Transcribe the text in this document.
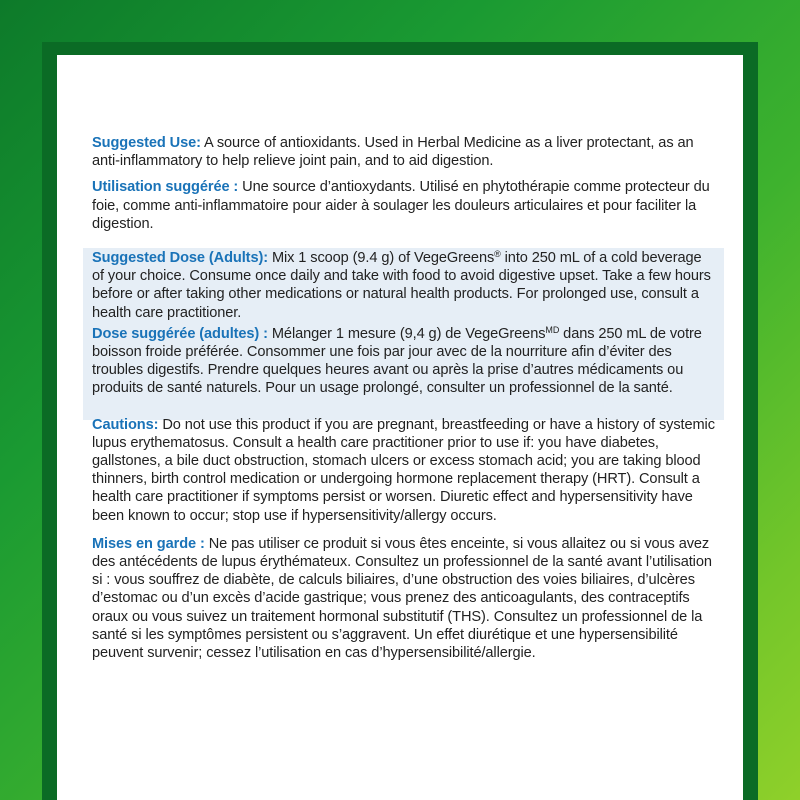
Suggested Use: A source of antioxidants. Used in Herbal Medicine as a liver protectant, as an anti-inflammatory to help relieve joint pain, and to aid digestion.

Utilisation suggérée : Une source d’antioxydants. Utilisé en phytothérapie comme protecteur du foie, comme anti-inflammatoire pour aider à soulager les douleurs articulaires et pour faciliter la digestion.

Suggested Dose (Adults): Mix 1 scoop (9.4 g) of VegeGreens® into 250 mL of a cold beverage of your choice. Consume once daily and take with food to avoid digestive upset. Take a few hours before or after taking other medications or natural health products. For prolonged use, consult a health care practitioner.

Dose suggérée (adultes) : Mélanger 1 mesure (9,4 g) de VegeGreens$^{MD}$ dans 250 mL de votre boisson froide préférée. Consommer une fois par jour avec de la nourriture afin d’éviter des troubles digestifs. Prendre quelques heures avant ou après la prise d’autres médicaments ou produits de santé naturels. Pour un usage prolongé, consulter un professionnel de la santé.

Cautions: Do not use this product if you are pregnant, breastfeeding or have a history of systemic lupus erythematosus. Consult a health care practitioner prior to use if: you have diabetes, gallstones, a bile duct obstruction, stomach ulcers or excess stomach acid; you are taking blood thinners, birth control medication or undergoing hormone replacement therapy (HRT). Consult a health care practitioner if symptoms persist or worsen. Diuretic effect and hypersensitivity have been known to occur; stop use if hypersensitivity/allergy occurs.

Mises en garde : Ne pas utiliser ce produit si vous êtes enceinte, si vous allaitez ou si vous avez des antécédents de lupus érythémateux. Consultez un professionnel de la santé avant l’utilisation si : vous souffrez de diabète, de calculs biliaires, d’une obstruction des voies biliaires, d’ulcères d’estomac ou d’un excès d’acide gastrique; vous prenez des anticoagulants, des contraceptifs oraux ou vous suivez un traitement hormonal substitutif (THS). Consultez un professionnel de la santé si les symptômes persistent ou s’aggravent. Un effet diurétique et une hypersensibilité peuvent survenir; cessez l’utilisation en cas d’hypersensibilité/allergie.
